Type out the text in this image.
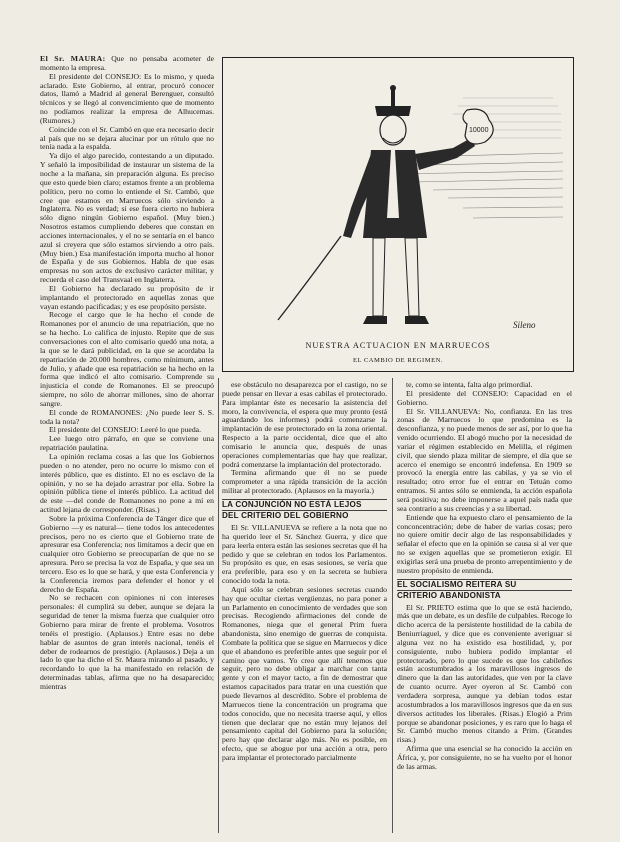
10000
Sileno
NUESTRA ACTUACION EN MARRUECOS
EL CAMBIO DE REGIMEN.

El Sr. MAURA: Que no pensaba acometer de momento la empresa.

El presidente del CONSEJO: Es lo mismo, y queda aclarado. Este Gobierno, al entrar, procuró conocer datos, llamó a Madrid al general Berenguer, consultó técnicos y se llegó al convencimiento que de momento no podíamos realizar la empresa de Alhucemas. (Rumores.)

Coincide con el Sr. Cambó en que era necesario decir al país que no se dejara alucinar por un rótulo que no tenía nada a la espalda.

Ya dijo el algo parecido, contestando a un diputado. Y señaló la imposibilidad de instaurar un sistema de la noche a la mañana, sin preparación alguna. Es preciso que esto quede bien claro; estamos frente a un problema político, pero no como lo entiende el Sr. Cambó, que cree que estamos en Marruecos sólo sirviendo a Inglaterra. No es verdad; si ese fuera cierto no hubiera sólo digno ningún Gobierno español. (Muy bien.) Nosotros estamos cumpliendo deberes que constan en acciones internacionales, y el no se sentaría en el banco azul si creyera que sólo estamos sirviendo a otro país. (Muy bien.) Esa manifestación importa mucho al honor de España y de sus Gobiernos. Habla de que esas empresas no son actos de exclusivo carácter militar, y recuerda el caso del Transvaal en Inglaterra.

El Gobierno ha declarado su propósito de ir implantando el protectorado en aquellas zonas que vayan estando pacificadas; y es ese propósito persiste.

Recoge el cargo que le ha hecho el conde de Romanones por el anuncio de una repatriación, que no se ha hecho. Lo califica de injusto. Repite que de sus conversaciones con el alto comisario quedó una nota, a la que se le dará publicidad, en la que se acordaba la repatriación de 20.000 hombres, como mínimum, antes de Julio, y añade que esa repatriación se ha hecho en la forma que indicó el alto comisario. Comprende su injusticia el conde de Romanones. El se preocupó siempre, no sólo de ahorrar millones, sino de ahorrar sangre.

El conde de ROMANONES: ¿No puede leer S. S. toda la nota?

El presidente del CONSEJO: Leeré lo que pueda.

Lee luego otro párrafo, en que se conviene una repatriación paulatina.

La opinión reclama cosas a las que los Gobiernos pueden o no atender, pero no ocurre lo mismo con el interés público, que es distinto. El no es esclavo de la opinión, y no se ha dejado arrastrar por ella. Sobre la opinión pública tiene el interés público. La actitud del de este —del conde de Romanones no pone a mí en actitud lejana de corresponder. (Risas.)

Sobre la próxima Conferencia de Tánger dice que el Gobierno —y es natural— tiene todos los antecedentes precisos, pero no es cierto que el Gobierno trate de apresurar esa Conferencia; nos limitamos a decir que en cualquier otro Gobierno se preocuparían de que no se apresura. Pero se precisa la voz de España, y que sea un tercero. Eso es lo que se hará, y que esta Conferencia y la Conferencia iremos para defender el honor y el derecho de España.

No se rechacen con opiniones ni con intereses personales: él cumplirá su deber, aunque se dejara la seguridad de tener la misma fuerza que cualquier otro Gobierno para mirar de frente el problema. Vosotros tenéis el prestigio. (Aplausos.) Entre esas no debe hablar de asuntos de gran interés nacional, tenéis el deber de rodearnos de prestigio. (Aplausos.) Deja a un lado lo que ha dicho el Sr. Maura mirando al pasado, y recordando lo que la ha manifestado en relación de determinadas tablas, afirma que no ha desaparecido; mientras

ese obstáculo no desaparezca por el castigo, no se puede pensar en llevar a esas cabilas el protectorado. Para implantar éste es necesario la asistencia del moro, la convivencia, el espera que muy pronto (está aguardando los informes) podrá comenzarse la implantación de ese protectorado en la zona oriental. Respecto a la parte occidental, dice que el alto comisario le anuncia que, después de unas operaciones complementarias que hay que realizar, podrá comenzarse la implantación del protectorado.

Termina afirmando que él no se puede comprometer a una rápida transición de la acción militar al protectorado. (Aplausos en la mayoría.)

LA CONJUNCIÓN NO ESTÁ LEJOS
DEL CRITERIO DEL GOBIERNO

El Sr. VILLANUEVA se refiere a la nota que no ha querido leer el Sr. Sánchez Guerra, y dice que para leerla entera están las sesiones secretas que él ha pedido y que se celebran en todos los Parlamentos. Su propósito es que, en esas sesiones, se vería que era preferible, para eso y en la secreta se hubiera conocido toda la nota.

Aquí sólo se celebran sesiones secretas cuando hay que ocultar ciertas vergüenzas, no para poner a un Parlamento en conocimiento de verdades que son precisas. Recogiendo afirmaciones del conde de Romanones, niega que el general Prim fuera abandonista, sino enemigo de guerras de conquista. Combate la política que se sigue en Marruecos y dice que el abandono es preferible antes que seguir por el camino que vamos. Yo creo que allí tenemos que seguir, pero no debe obligar a marchar con tanta gente y con el mayor tacto, a fin de demostrar que estamos capacitados para tratar en una cuestión que puede llevarnos al descrédito. Sobre el problema de Marruecos tiene la concentración un programa que todos conocido, que no necesita traerse aquí, y ellos tienen que declarar que no están muy lejanos del pensamiento capital del Gobierno para la solución; pero hay que declarar algo más. No es posible, en efecto, que se abogue por una acción a otra, pero para implantar el protectorado parcialmente

te, como se intenta, falta algo primordial.

El presidente del CONSEJO: Capacidad en el Gobierno.

El Sr. VILLANUEVA: No, confianza. En las tres zonas de Marruecos lo que predomina es la desconfianza, y no puede menos de ser así, por lo que ha venido ocurriendo. El abogó mucho por la necesidad de variar el régimen establecido en Melilla, el régimen civil, que siendo plaza militar de siempre, el día que se acerco el enemigo se encontró indefensa. En 1909 se provocó la energía entre las cabilas, y ya se vio el resultado; otro error fue el entrar en Tetuán como entramos. Si antes sólo se enmienda, la acción española será positiva; no debe imponerse a aquel país nada que sea contrario a sus creencias y a su libertad.

Entiende que ha expuesto claro el pensamiento de la conconcentración; debe de haber de varias cosas; pero no quiere omitir decir algo de las responsabilidades y señalar el efecto que en la opinión se causa si al ver que no se exigen aquellas que se prometieron exigir. El exigirlas será una prueba de pronto arrepentimiento y de nuestro propósito de enmienda.

EL SOCIALISMO REITERA SU
CRITERIO ABANDONISTA

El Sr. PRIETO estima que lo que se está haciendo, más que un debate, es un desfile de culpables. Recoge lo dicho acerca de la persistente hostilidad de la cabila de Beniurriaguel, y dice que es conveniente averiguar si alguna vez no ha existido esa hostilidad, y, por consiguiente, nubo hubiera podido implantar el protectorado, pero lo que sucede es que los cabileños están acostumbrados a los maravillosos ingresos de dinero que la dan las autoridades, que ven por la clave de cuanto ocurre. Ayer oyeron al Sr. Cambó con verdadera sorpresa, aunque ya debían todos estar acostumbrados a los maravillosos ingresos que da en sus diversos actitudes los liberales. (Risas.) Elogió a Prim porque se abandonar posiciones, y es raro que lo haga el Sr. Cambó mucho menos citando a Prim. (Grandes risas.)

Afirma que una esencial se ha conocido la acción en África, y, por consiguiente, no se ha vuelto por el honor de las armas.
